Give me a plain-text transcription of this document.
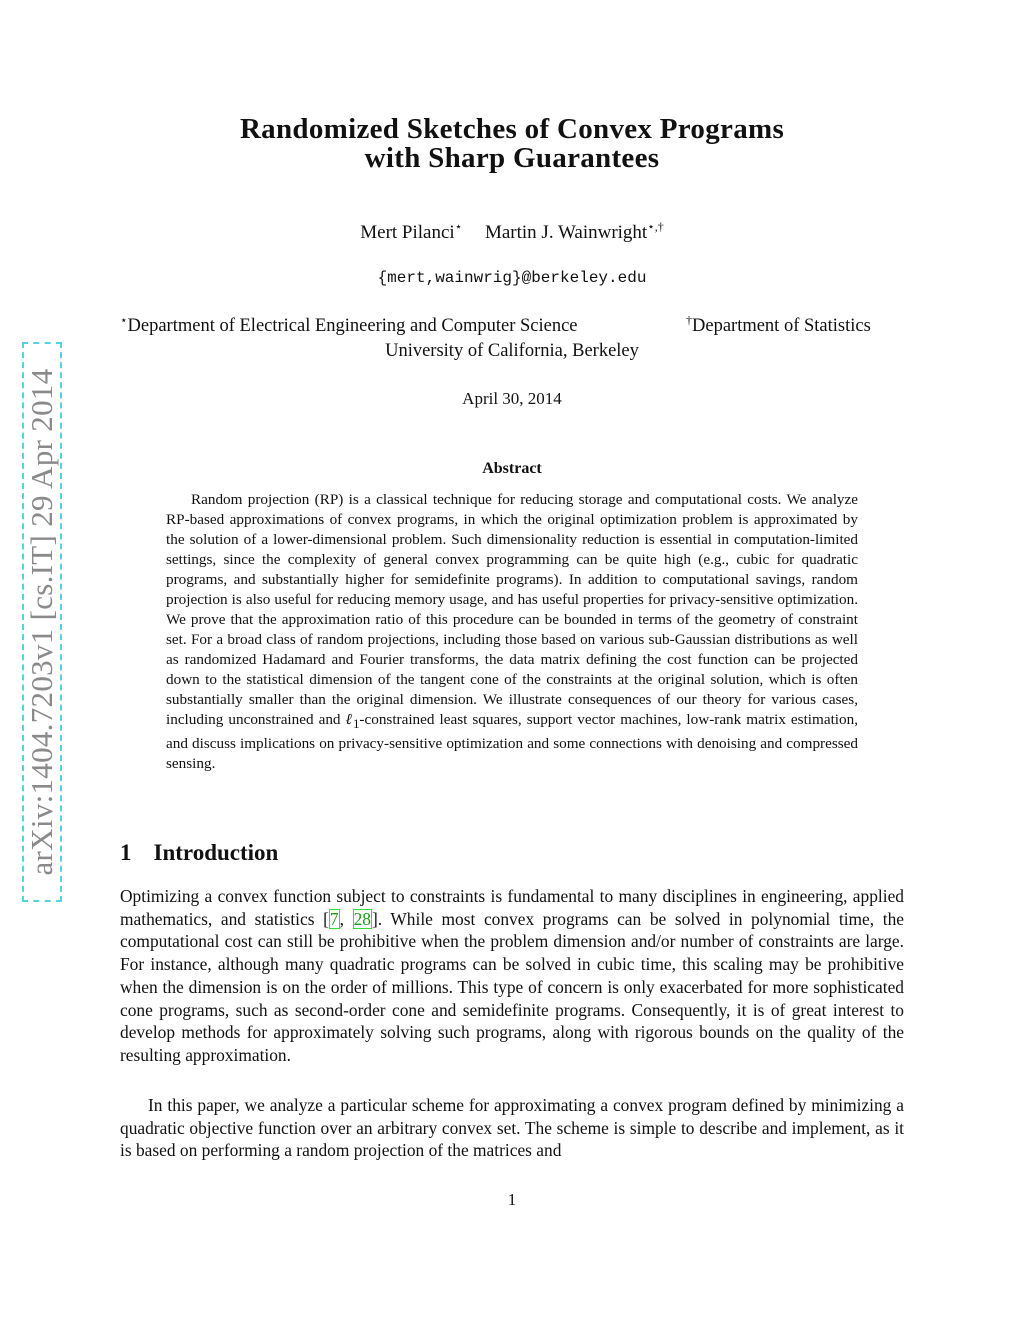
arXiv:1404.7203v1 [cs.IT] 29 Apr 2014
Randomized Sketches of Convex Programs
with Sharp Guarantees
Mert Pilanci⋆ Martin J. Wainwright⋆,†
{mert,wainwrig}@berkeley.edu
⋆Department of Electrical Engineering and Computer Science	†Department of Statistics
University of California, Berkeley
April 30, 2014
Abstract

Random projection (RP) is a classical technique for reducing storage and computational costs. We analyze RP-based approximations of convex programs, in which the original optimization problem is approximated by the solution of a lower-dimensional problem. Such dimensionality reduction is essential in computation-limited settings, since the complexity of general convex programming can be quite high (e.g., cubic for quadratic programs, and substantially higher for semidefinite programs). In addition to computational savings, random projection is also useful for reducing memory usage, and has useful properties for privacy-sensitive optimization. We prove that the approximation ratio of this procedure can be bounded in terms of the geometry of constraint set. For a broad class of random projections, including those based on various sub-Gaussian distributions as well as randomized Hadamard and Fourier transforms, the data matrix defining the cost function can be projected down to the statistical dimension of the tangent cone of the constraints at the original solution, which is often substantially smaller than the original dimension. We illustrate consequences of our theory for various cases, including unconstrained and ℓ$_1$-constrained least squares, support vector machines, low-rank matrix estimation, and discuss implications on privacy-sensitive optimization and some connections with denoising and compressed sensing.

1 Introduction

Optimizing a convex function subject to constraints is fundamental to many disciplines in engineering, applied mathematics, and statistics [7, 28]. While most convex programs can be solved in polynomial time, the computational cost can still be prohibitive when the problem dimension and/or number of constraints are large. For instance, although many quadratic programs can be solved in cubic time, this scaling may be prohibitive when the dimension is on the order of millions. This type of concern is only exacerbated for more sophisticated cone programs, such as second-order cone and semidefinite programs. Consequently, it is of great interest to develop methods for approximately solving such programs, along with rigorous bounds on the quality of the resulting approximation.

In this paper, we analyze a particular scheme for approximating a convex program defined by minimizing a quadratic objective function over an arbitrary convex set. The scheme is simple to describe and implement, as it is based on performing a random projection of the matrices and

1
